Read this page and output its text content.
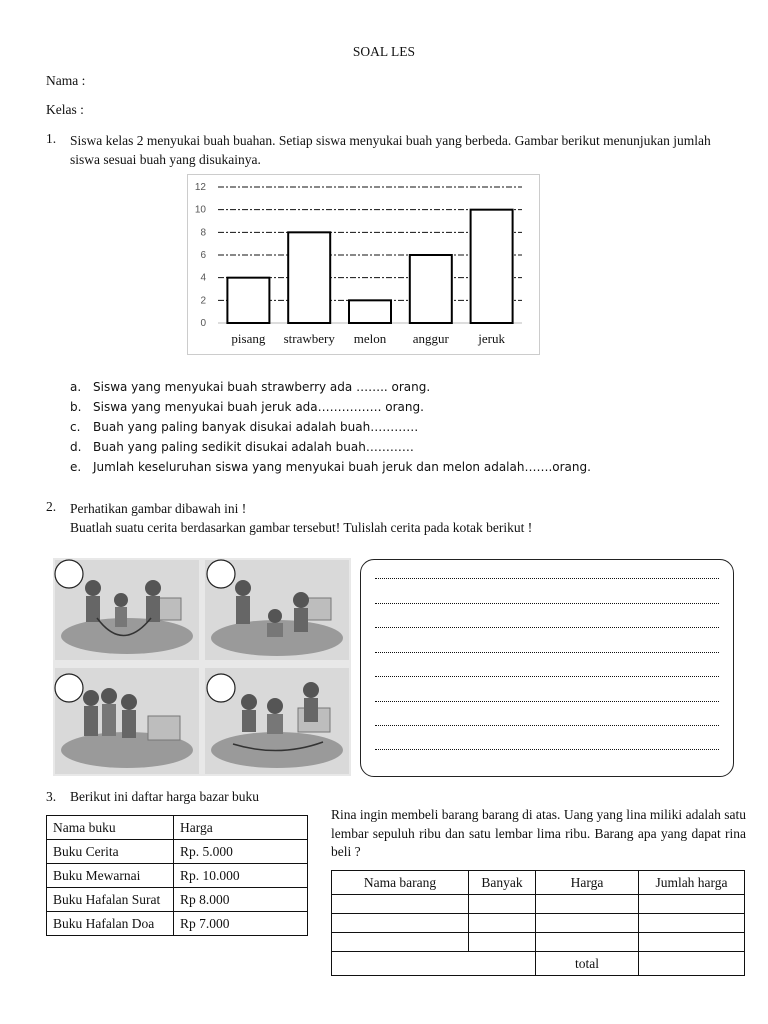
SOAL LES
Nama :
Kelas :
1. Siswa kelas 2 menyukai buah buahan. Setiap siswa menyukai buah yang berbeda. Gambar berikut menunjukan jumlah siswa sesuai buah yang disukainya.
0
2
4
6
8
10
12
pisang strawbery melon anggur jeruk
a. Siswa yang menyukai buah strawberry ada …….. orang.
b. Siswa yang menyukai buah jeruk ada……………. orang.
c. Buah yang paling banyak disukai adalah buah…………
d. Buah yang paling sedikit disukai adalah buah…………
e. Jumlah keseluruhan siswa yang menyukai buah jeruk dan melon adalah…….orang.
2. Perhatikan gambar dibawah ini !
Buatlah suatu cerita berdasarkan gambar tersebut! Tulislah cerita pada kotak berikut !
3. Berikut ini daftar harga bazar buku
Nama buku	Harga
Buku Cerita	Rp. 5.000
Buku Mewarnai	Rp. 10.000
Buku Hafalan Surat	Rp 8.000
Buku Hafalan Doa	Rp 7.000
Rina ingin membeli barang barang di atas. Uang yang lina miliki adalah satu lembar sepuluh ribu dan satu lembar lima ribu. Barang apa yang dapat rina beli ?
Nama barang	Banyak	Harga	Jumlah harga

		total	
